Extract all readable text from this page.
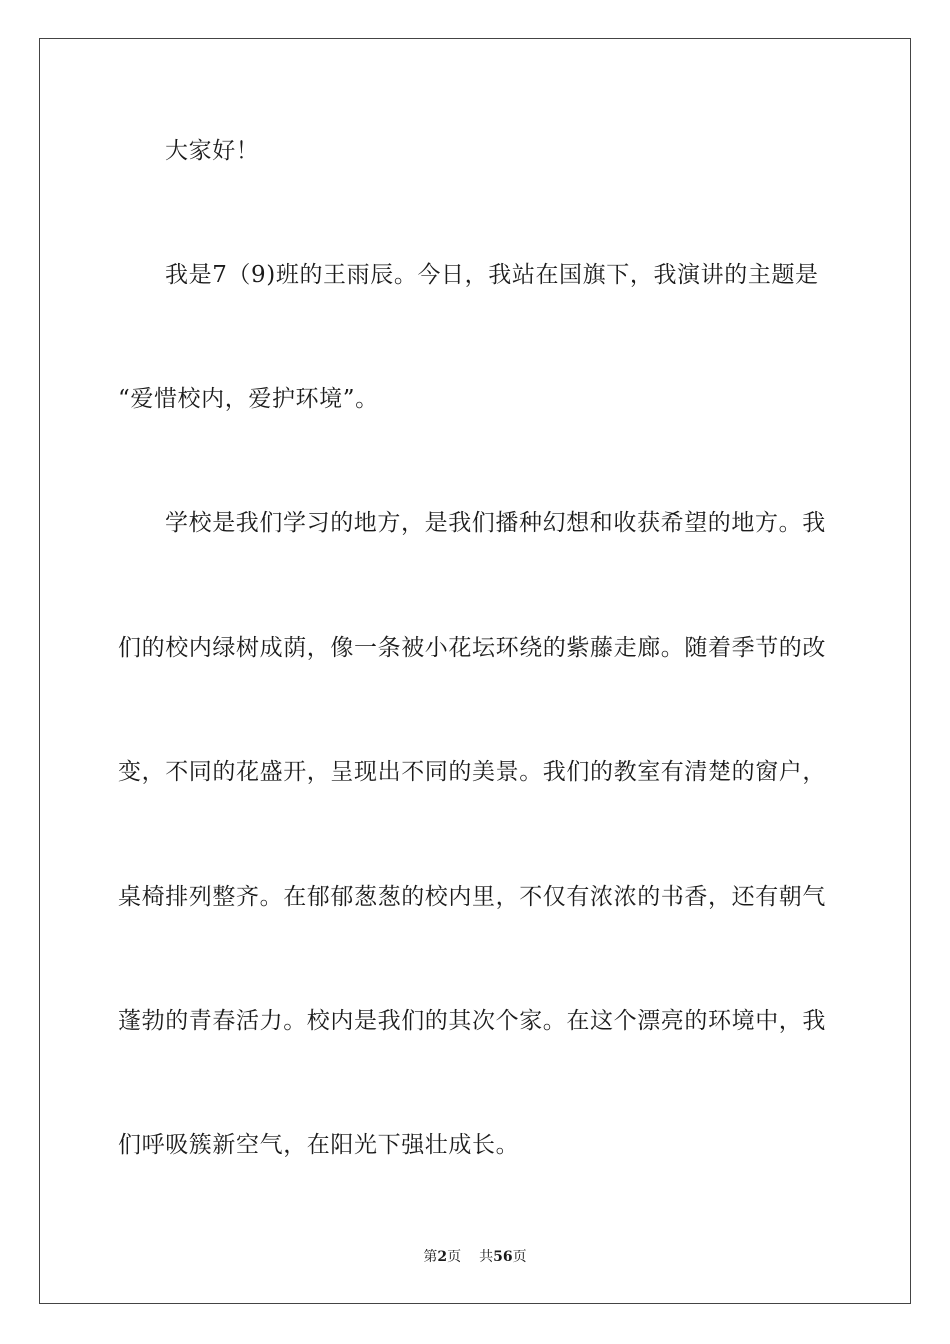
大家好！
我是7（9)班的王雨辰。今日，我站在国旗下，我演讲的主题是
“爱惜校内，爱护环境”。
学校是我们学习的地方，是我们播种幻想和收获希望的地方。我
们的校内绿树成荫，像一条被小花坛环绕的紫藤走廊。随着季节的改
变，不同的花盛开，呈现出不同的美景。我们的教室有清楚的窗户，
桌椅排列整齐。在郁郁葱葱的校内里，不仅有浓浓的书香，还有朝气
蓬勃的青春活力。校内是我们的其次个家。在这个漂亮的环境中，我
们呼吸簇新空气，在阳光下强壮成长。
第2页 共56页
